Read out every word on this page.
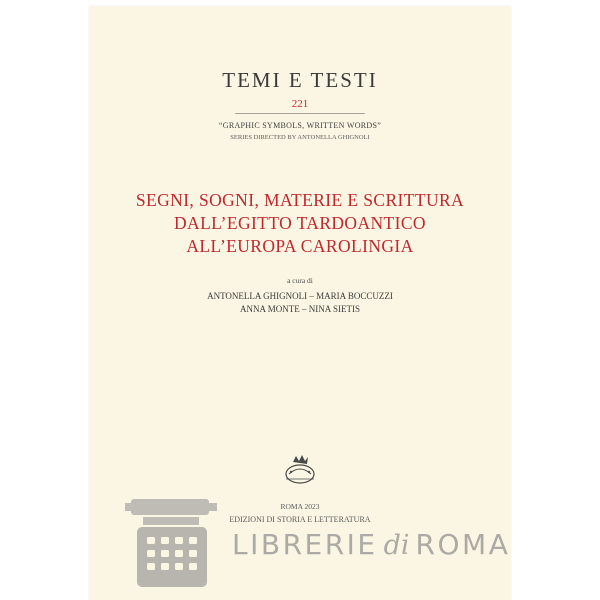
TEMI E TESTI

221

“GRAPHIC SYMBOLS, WRITTEN WORDS”

SERIES DIRECTED BY ANTONELLA GHIGNOLI

SEGNI, SOGNI, MATERIE E SCRITTURA
DALL’EGITTO TARDOANTICO
ALL’EUROPA CAROLINGIA

a cura di

ANTONELLA GHIGNOLI – MARIA BOCCUZZI
ANNA MONTE – NINA SIETIS

ROMA 2023

EDIZIONI DI STORIA E LETTERATURA

LIBRERIE di ROMA
